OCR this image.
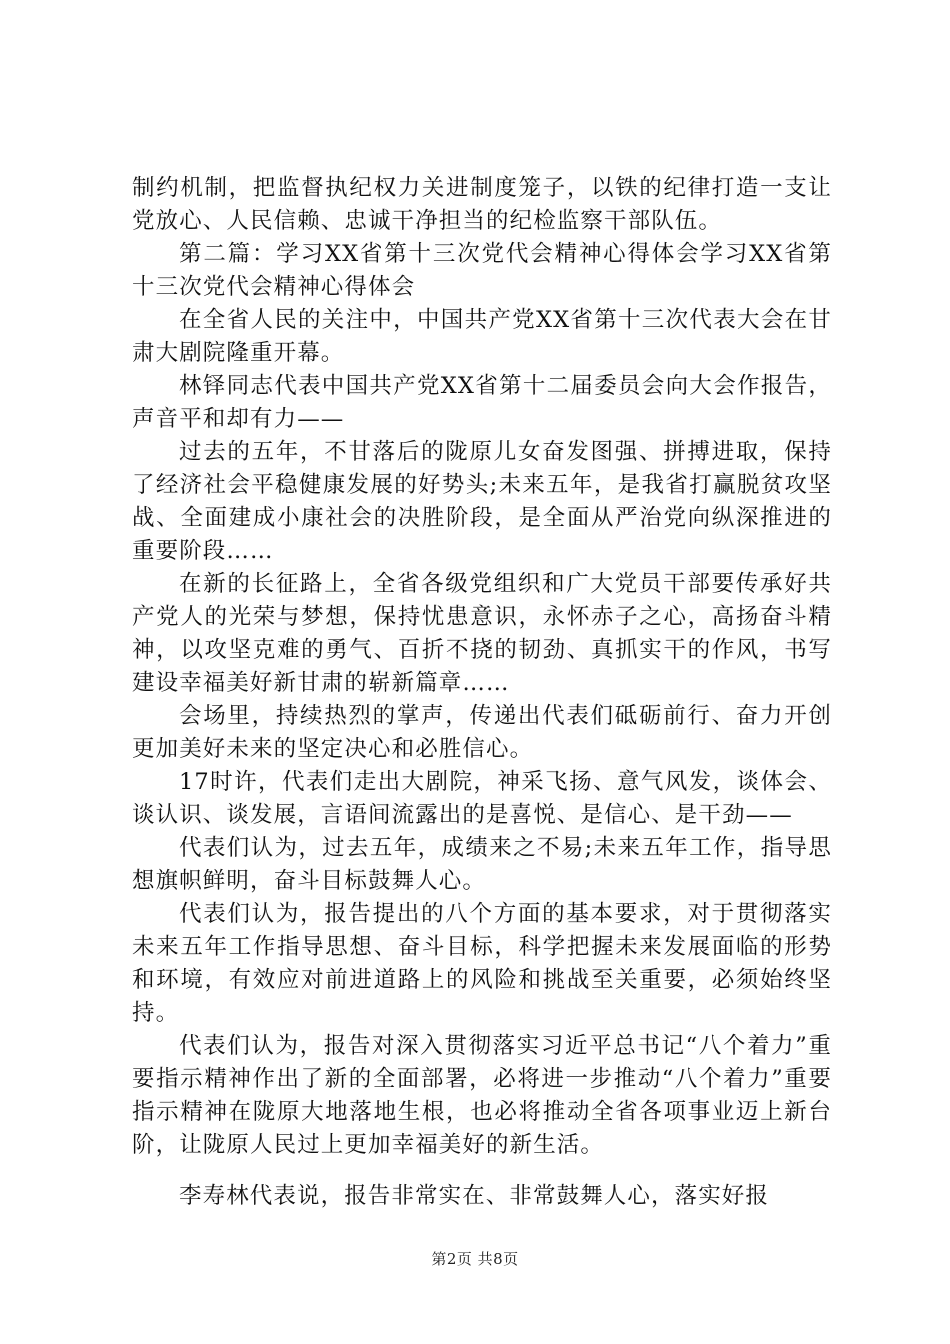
制约机制，把监督执纪权力关进制度笼子，以铁的纪律打造一支让党放心、人民信赖、忠诚干净担当的纪检监察干部队伍。

第二篇：学习XX省第十三次党代会精神心得体会学习XX省第十三次党代会精神心得体会

在全省人民的关注中，中国共产党XX省第十三次代表大会在甘肃大剧院隆重开幕。

林铎同志代表中国共产党XX省第十二届委员会向大会作报告，声音平和却有力——

过去的五年，不甘落后的陇原儿女奋发图强、拼搏进取，保持了经济社会平稳健康发展的好势头;未来五年，是我省打赢脱贫攻坚战、全面建成小康社会的决胜阶段，是全面从严治党向纵深推进的重要阶段……

在新的长征路上，全省各级党组织和广大党员干部要传承好共产党人的光荣与梦想，保持忧患意识，永怀赤子之心，高扬奋斗精神，以攻坚克难的勇气、百折不挠的韧劲、真抓实干的作风，书写建设幸福美好新甘肃的崭新篇章……

会场里，持续热烈的掌声，传递出代表们砥砺前行、奋力开创更加美好未来的坚定决心和必胜信心。

17时许，代表们走出大剧院，神采飞扬、意气风发，谈体会、谈认识、谈发展，言语间流露出的是喜悦、是信心、是干劲——

代表们认为，过去五年，成绩来之不易;未来五年工作，指导思想旗帜鲜明，奋斗目标鼓舞人心。

代表们认为，报告提出的八个方面的基本要求，对于贯彻落实未来五年工作指导思想、奋斗目标，科学把握未来发展面临的形势和环境，有效应对前进道路上的风险和挑战至关重要，必须始终坚持。

代表们认为，报告对深入贯彻落实习近平总书记“八个着力”重要指示精神作出了新的全面部署，必将进一步推动“八个着力”重要指示精神在陇原大地落地生根，也必将推动全省各项事业迈上新台阶，让陇原人民过上更加幸福美好的新生活。

李寿林代表说，报告非常实在、非常鼓舞人心，落实好报

第2页 共8页
